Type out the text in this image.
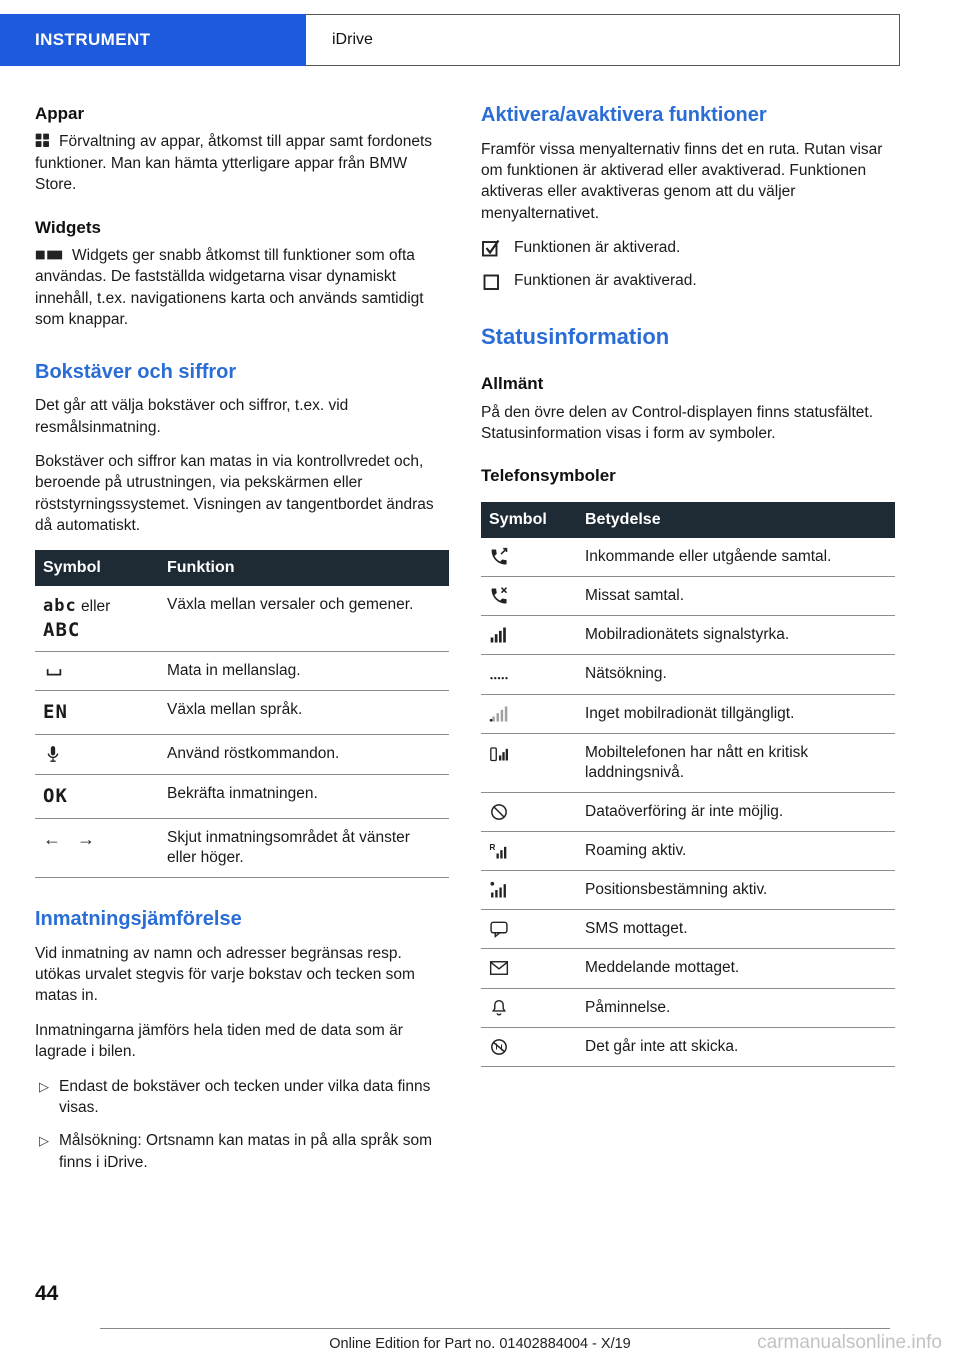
INSTRUMENT	iDrive
Appar

Förvaltning av appar, åtkomst till appar samt fordonets funktioner. Man kan hämta ytterligare appar från BMW Store.

Widgets

Widgets ger snabb åtkomst till funktioner som ofta användas. De fastställda widgetarna visar dynamiskt innehåll, t.ex. navigationens karta och används samtidigt som knappar.

Bokstäver och siffror

Det går att välja bokstäver och siffror, t.ex. vid resmålsinmatning.

Bokstäver och siffror kan matas in via kontrollvredet och, beroende på utrustningen, via pekskärmen eller röststyrningssystemet. Visningen av tangentbordet ändras då automatiskt.

Symbol	Funktion

abc eller
ABC	Växla mellan versaler och gemener.

	Mata in mellanslag.
EN	Växla mellan språk.

	Använd röstkommandon.
OK	Bekräfta inmatningen.
← →	Skjut inmatningsområdet åt vänster eller höger.
Inmatningsjämförelse

Vid inmatning av namn och adresser begränsas resp. utökas urvalet stegvis för varje bokstav och tecken som matas in.

Inmatningarna jämförs hela tiden med de data som är lagrade i bilen.

▷ Endast de bokstäver och tecken under vilka data finns visas.
▷ Målsökning: Ortsnamn kan matas in på alla språk som finns i iDrive.
Aktivera/avaktivera funktioner

Framför vissa menyalternativ finns det en ruta. Rutan visar om funktionen är aktiverad eller avaktiverad. Funktionen aktiveras eller avaktiveras genom att du väljer menyalternativet.

Funktionen är aktiverad.
Funktionen är avaktiverad.
Statusinformation
Allmänt

På den övre delen av Control-displayen finns statusfältet. Statusinformation visas i form av symboler.

Telefonsymboler
Symbol	Betydelse

	Inkommande eller utgående samtal.

	Missat samtal.

	Mobilradionätets signalstyrka.

	Nätsökning.

	Inget mobilradionät tillgängligt.

	Mobiltelefonen har nått en kritisk laddningsnivå.

	Dataöverföring är inte möjlig.

R	Roaming aktiv.

	Positionsbestämning aktiv.

	SMS mottaget.

	Meddelande mottaget.

	Påminnelse.

	Det går inte att skicka.
44
Online Edition for Part no. 01402884004 - X/19	carmanualsonline.info
